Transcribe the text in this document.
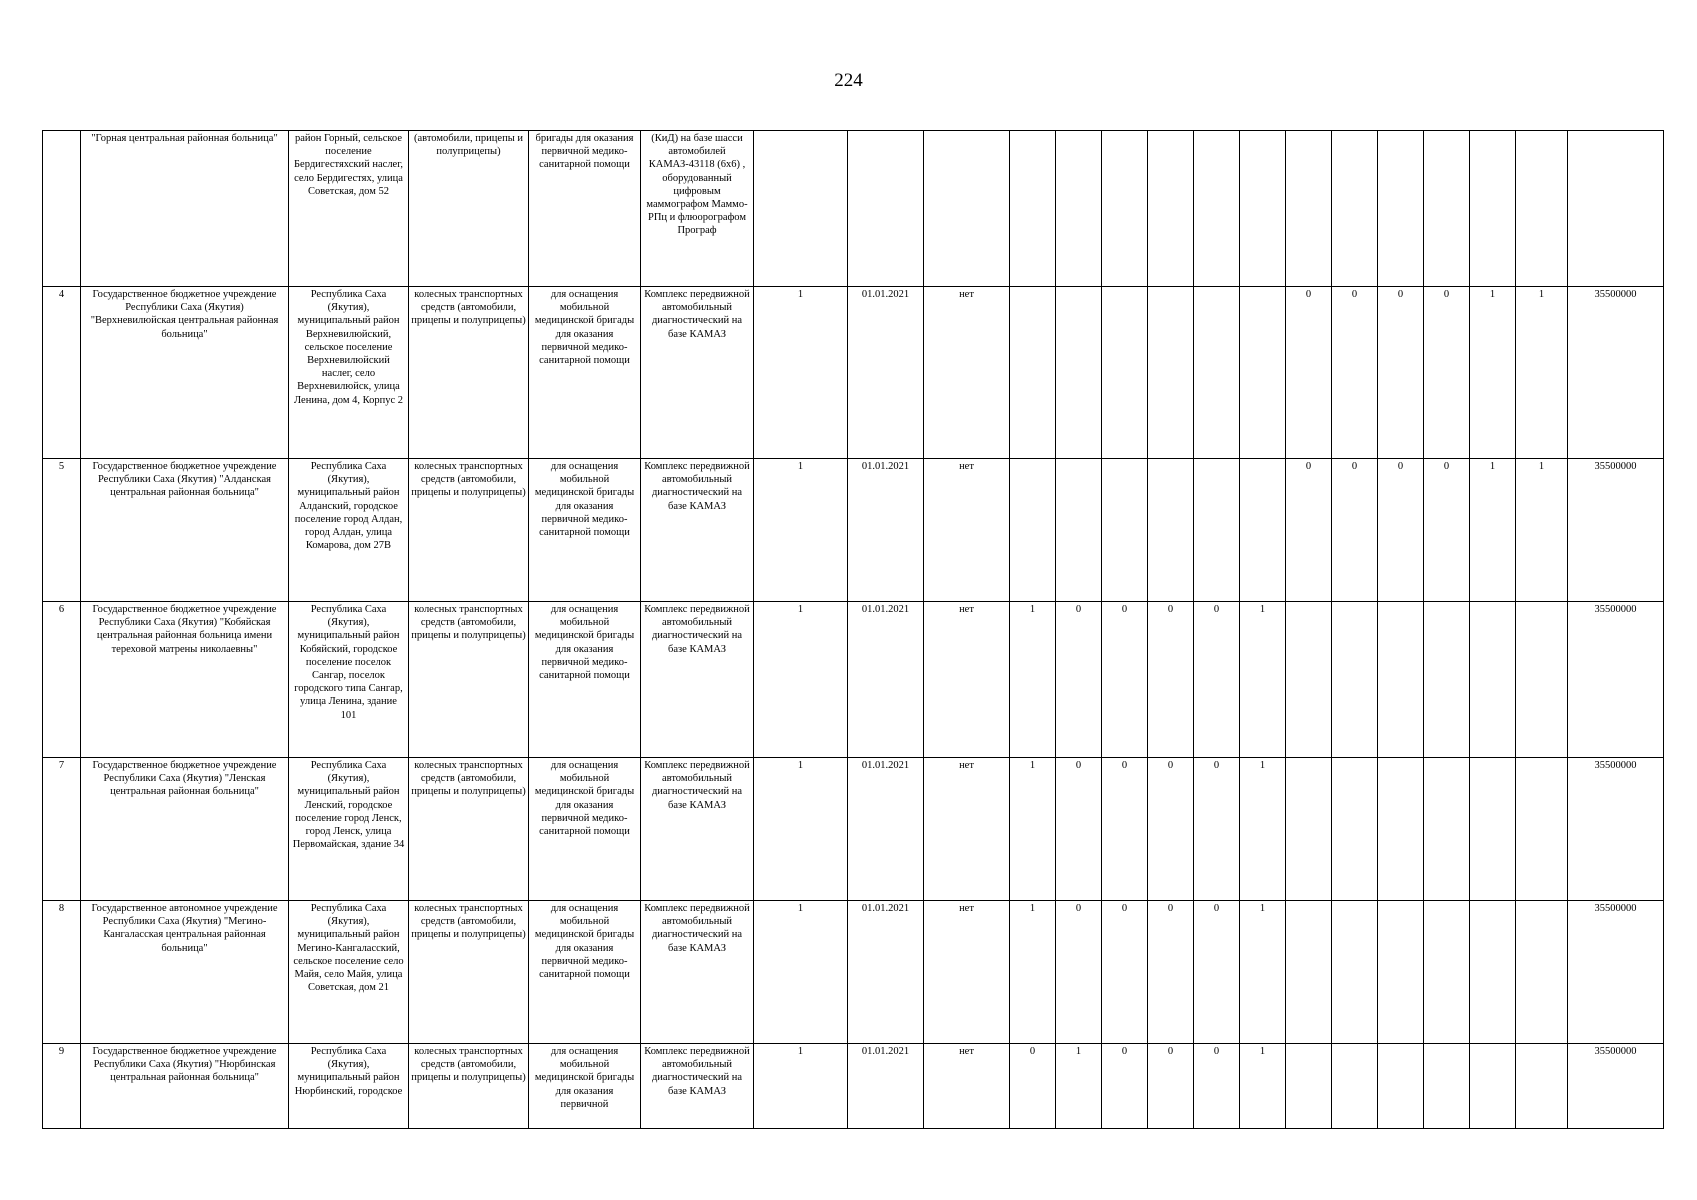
224
	"Горная центральная районная больница"	район Горный, сельское поселение Бердигестяхский наслег, село Бердигестях, улица Советская, дом 52	(автомобили, прицепы и полуприцепы)	бригады для оказания первичной медико-санитарной помощи	(КиД) на базе шасси автомобилей КАМАЗ-43118 (6х6) , оборудованный цифровым маммографом Маммо-РПц и флюорографом Програф																
4	Государственное бюджетное учреждение Республики Саха (Якутия) "Верхневилюйская центральная районная больница"	Республика Саха (Якутия), муниципальный район Верхневилюйский, сельское поселение Верхневилюйский наслег, село Верхневилюйск, улица Ленина, дом 4, Корпус 2	колесных транспортных средств (автомобили, прицепы и полуприцепы)	для оснащения мобильной медицинской бригады для оказания первичной медико-санитарной помощи	Комплекс передвижной автомобильный диагностический на базе КАМАЗ	1	01.01.2021	нет							0	0	0	0	1	1	35500000
5	Государственное бюджетное учреждение Республики Саха (Якутия) "Алданская центральная районная больница"	Республика Саха (Якутия), муниципальный район Алданский, городское поселение город Алдан, город Алдан, улица Комарова, дом 27В	колесных транспортных средств (автомобили, прицепы и полуприцепы)	для оснащения мобильной медицинской бригады для оказания первичной медико-санитарной помощи	Комплекс передвижной автомобильный диагностический на базе КАМАЗ	1	01.01.2021	нет							0	0	0	0	1	1	35500000
6	Государственное бюджетное учреждение Республики Саха (Якутия) "Кобяйская центральная районная больница имени тереховой матрены николаевны"	Республика Саха (Якутия), муниципальный район Кобяйский, городское поселение поселок Сангар, поселок городского типа Сангар, улица Ленина, здание 101	колесных транспортных средств (автомобили, прицепы и полуприцепы)	для оснащения мобильной медицинской бригады для оказания первичной медико-санитарной помощи	Комплекс передвижной автомобильный диагностический на базе КАМАЗ	1	01.01.2021	нет	1	0	0	0	0	1							35500000
7	Государственное бюджетное учреждение Республики Саха (Якутия) "Ленская центральная районная больница"	Республика Саха (Якутия), муниципальный район Ленский, городское поселение город Ленск, город Ленск, улица Первомайская, здание 34	колесных транспортных средств (автомобили, прицепы и полуприцепы)	для оснащения мобильной медицинской бригады для оказания первичной медико-санитарной помощи	Комплекс передвижной автомобильный диагностический на базе КАМАЗ	1	01.01.2021	нет	1	0	0	0	0	1							35500000
8	Государственное автономное учреждение Республики Саха (Якутия) "Мегино-Кангаласская центральная районная больница"	Республика Саха (Якутия), муниципальный район Мегино-Кангаласский, сельское поселение село Майя, село Майя, улица Советская, дом 21	колесных транспортных средств (автомобили, прицепы и полуприцепы)	для оснащения мобильной медицинской бригады для оказания первичной медико-санитарной помощи	Комплекс передвижной автомобильный диагностический на базе КАМАЗ	1	01.01.2021	нет	1	0	0	0	0	1							35500000
9	Государственное бюджетное учреждение Республики Саха (Якутия) "Нюрбинская центральная районная больница"	Республика Саха (Якутия), муниципальный район Нюрбинский, городское	колесных транспортных средств (автомобили, прицепы и полуприцепы)	для оснащения мобильной медицинской бригады для оказания первичной	Комплекс передвижной автомобильный диагностический на базе КАМАЗ	1	01.01.2021	нет	0	1	0	0	0	1							35500000
